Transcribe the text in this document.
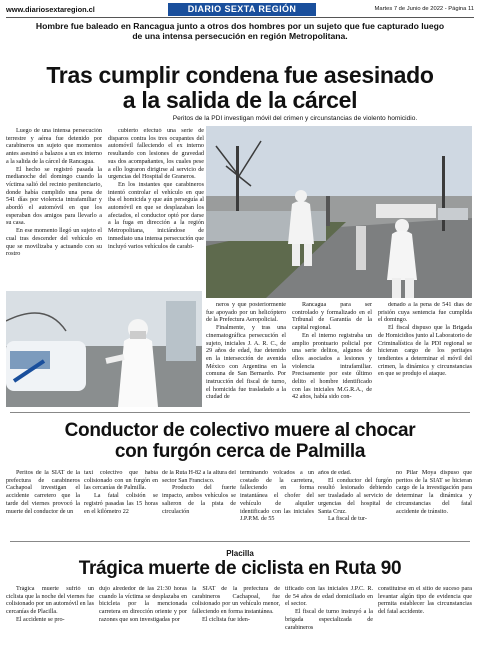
www.diariosextaregion.cl	DIARIO SEXTA REGIÓN	Martes 7 de Junio de 2022 - Página 11
Hombre fue baleado en Rancagua junto a otros dos hombres por un sujeto que fue capturado luego de una intensa persecución en región Metropolitana.
Tras cumplir condena fue asesinado
a la salida de la cárcel
Peritos de la PDI investigan móvil del crimen y circunstancias de violento homicidio.

Luego de una intensa persecución terrestre y aérea fue detenido por carabineros un sujeto que momentos antes asesinó a balazos a un ex interno a la salida de la cárcel de Rancagua.

El hecho se registró pasada la medianoche del domingo cuando la víctima salió del recinto penitenciario, donde había cumplido una pena de 541 días por violencia intrafamiliar y abordó el automóvil en que los esperaban dos amigos para llevarlo a su casa.

En ese momento llegó un sujeto el cual tras descender del vehículo en que se movilizaba y actuando con su rostro

cubierto efectuó una serie de disparos contra los tres ocupantes del automóvil falleciendo el ex interno resultando con lesiones de gravedad sus dos acompañantes, los cuales pese a ello lograron dirigirse al servicio de urgencias del Hospital de Graneros.

En los instantes que carabineros intentó controlar el vehículo en que iba el homicida y que aún perseguía al automóvil en que se desplazaban los afectados, el conductor optó por darse a la fuga en dirección a la región Metropolitana, iniciándose de inmediato una intensa persecución que incluyó varios vehículos de carabi-

neros y que posteriormente fue apoyado por un helicóptero de la Prefectura Aeropolicial.

Finalmente, y tras una cinematográfica persecución el sujeto, iniciales J. A. R. C., de 29 años de edad, fue detenido en la intersección de avenida México con Argentina en la comuna de San Bernardo. Por instrucción del fiscal de turno, el homicida fue trasladado a la ciudad de

Rancagua para ser controlado y formalizado en el Tribunal de Garantía de la capital regional.

En el interno registraba un amplio prontuario policial por una serie delitos, algunos de ellos asociados a lesiones y violencia intrafamiliar. Precisamente por este último delito el hombre identificado con las iniciales M.G.R.A., de 42 años, había sido con-

denado a la pena de 541 días de prisión cuya sentencia fue cumplida el domingo.

El fiscal dispuso que la Brigada de Homicidios junto al Laboratorio de Criminalística de la PDI regional se hicieran cargo de los peritajes tendientes a determinar el móvil del crimen, la dinámica y circunstancias en que se produjo el ataque.

Conductor de colectivo muere al chocar
con furgón cerca de Palmilla

Peritos de la SIAT de la prefectura de carabineros Cachapoal investigan el accidente carretero que la tarde del viernes provocó la muerte del conductor de un

taxi colectivo que había colisionado con un furgón en las cercanías de Palmilla.

La fatal colisión se registró pasadas las 15 horas en el kilómetro 22

de la Ruta H-82 a la altura del sector San Francisco.

Producto del fuerte impacto, ambos vehículos se salieron de la pista de circulación

terminando volcados a un costado de la carretera, falleciendo en forma instantánea el chofer del vehículo de alquiler identificado con las iniciales J.P.P.M. de 55

años de edad.

El conductor del furgón resultó lesionado debiendo ser trasladado al servicio de urgencias del hospital de Santa Cruz.

La fiscal de tur-

no Pilar Moya dispuso que peritos de la SIAT se hicieran cargo de la investigación para determinar la dinámica y circunstancias del fatal accidente de tránsito.

Placilla
Trágica muerte de ciclista en Ruta 90

Trágica muerte sufrió un ciclista que la noche del viernes fue colisionado por un automóvil en las cercanías de Placilla.

El accidente se pro-

dujo alrededor de las 21:30 horas cuando la víctima se desplazaba en bicicleta por la mencionada carretera en dirección oriente y por razones que son investigadas por

la SIAT de la prefectura de carabineros Cachapoal, fue colisionado por un vehículo menor, falleciendo en forma instantánea.

El ciclista fue iden-

tificado con las iniciales J.P.C. R. de 54 años de edad domiciliado en el sector.

El fiscal de turno instruyó a la brigada especializada de carabineros

constituirse en el sitio de suceso para levantar algún tipo de evidencia que permita establecer las circunstancias del fatal accidente.
